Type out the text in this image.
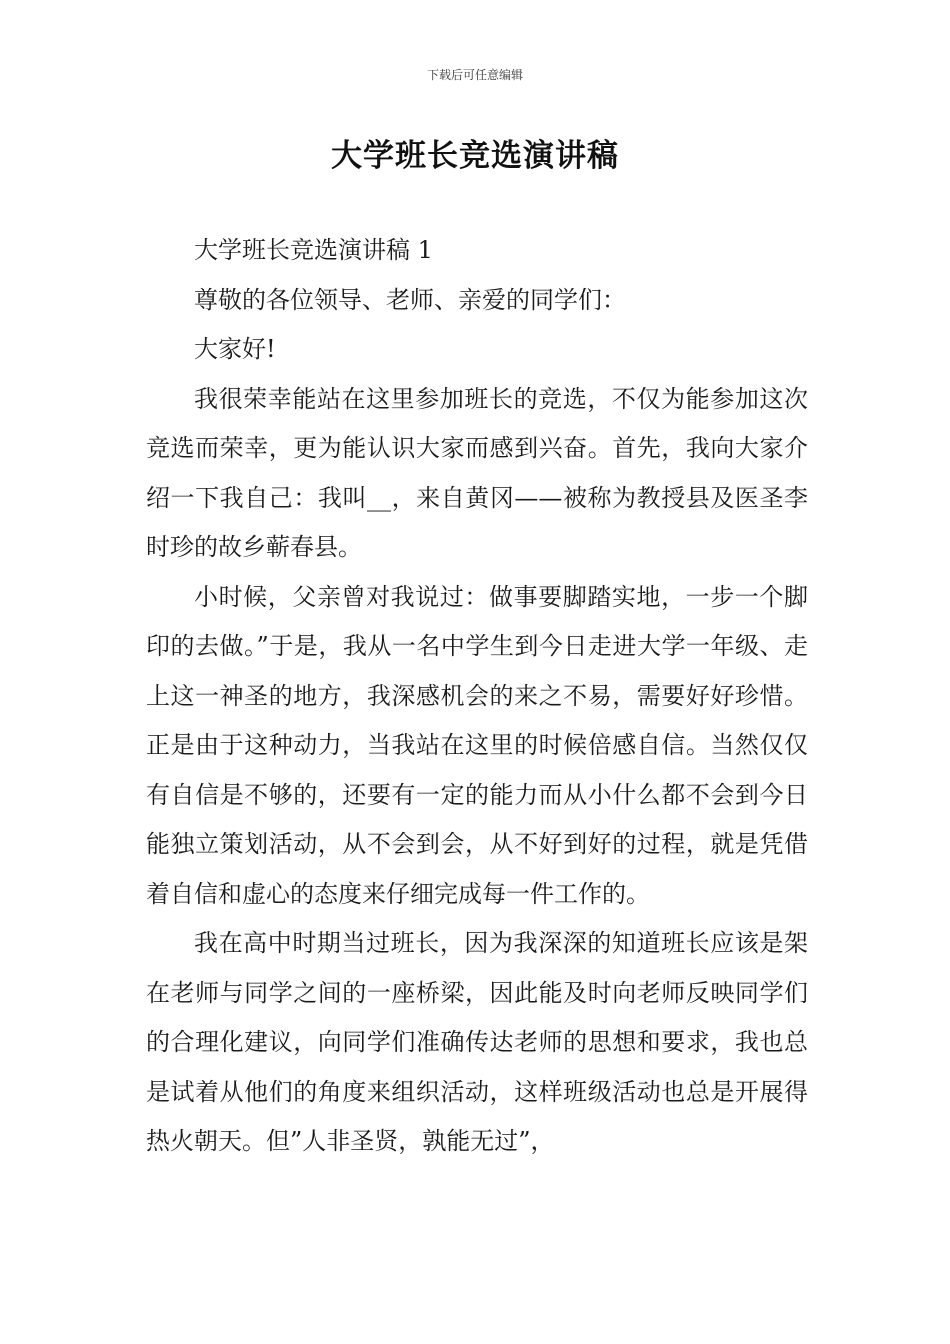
下载后可任意编辑
大学班长竞选演讲稿

大学班长竞选演讲稿 1

尊敬的各位领导、老师、亲爱的同学们：

大家好!

我很荣幸能站在这里参加班长的竞选，不仅为能参加这次竞选而荣幸，更为能认识大家而感到兴奋。首先，我向大家介绍一下我自己：我叫__，来自黄冈——被称为教授县及医圣李时珍的故乡蕲春县。

小时候，父亲曾对我说过：做事要脚踏实地，一步一个脚印的去做。”于是，我从一名中学生到今日走进大学一年级、走上这一神圣的地方，我深感机会的来之不易，需要好好珍惜。正是由于这种动力，当我站在这里的时候倍感自信。当然仅仅有自信是不够的，还要有一定的能力而从小什么都不会到今日能独立策划活动，从不会到会，从不好到好的过程，就是凭借着自信和虚心的态度来仔细完成每一件工作的。

我在高中时期当过班长，因为我深深的知道班长应该是架在老师与同学之间的一座桥梁，因此能及时向老师反映同学们的合理化建议，向同学们准确传达老师的思想和要求，我也总是试着从他们的角度来组织活动，这样班级活动也总是开展得热火朝天。但”人非圣贤，孰能无过”，
